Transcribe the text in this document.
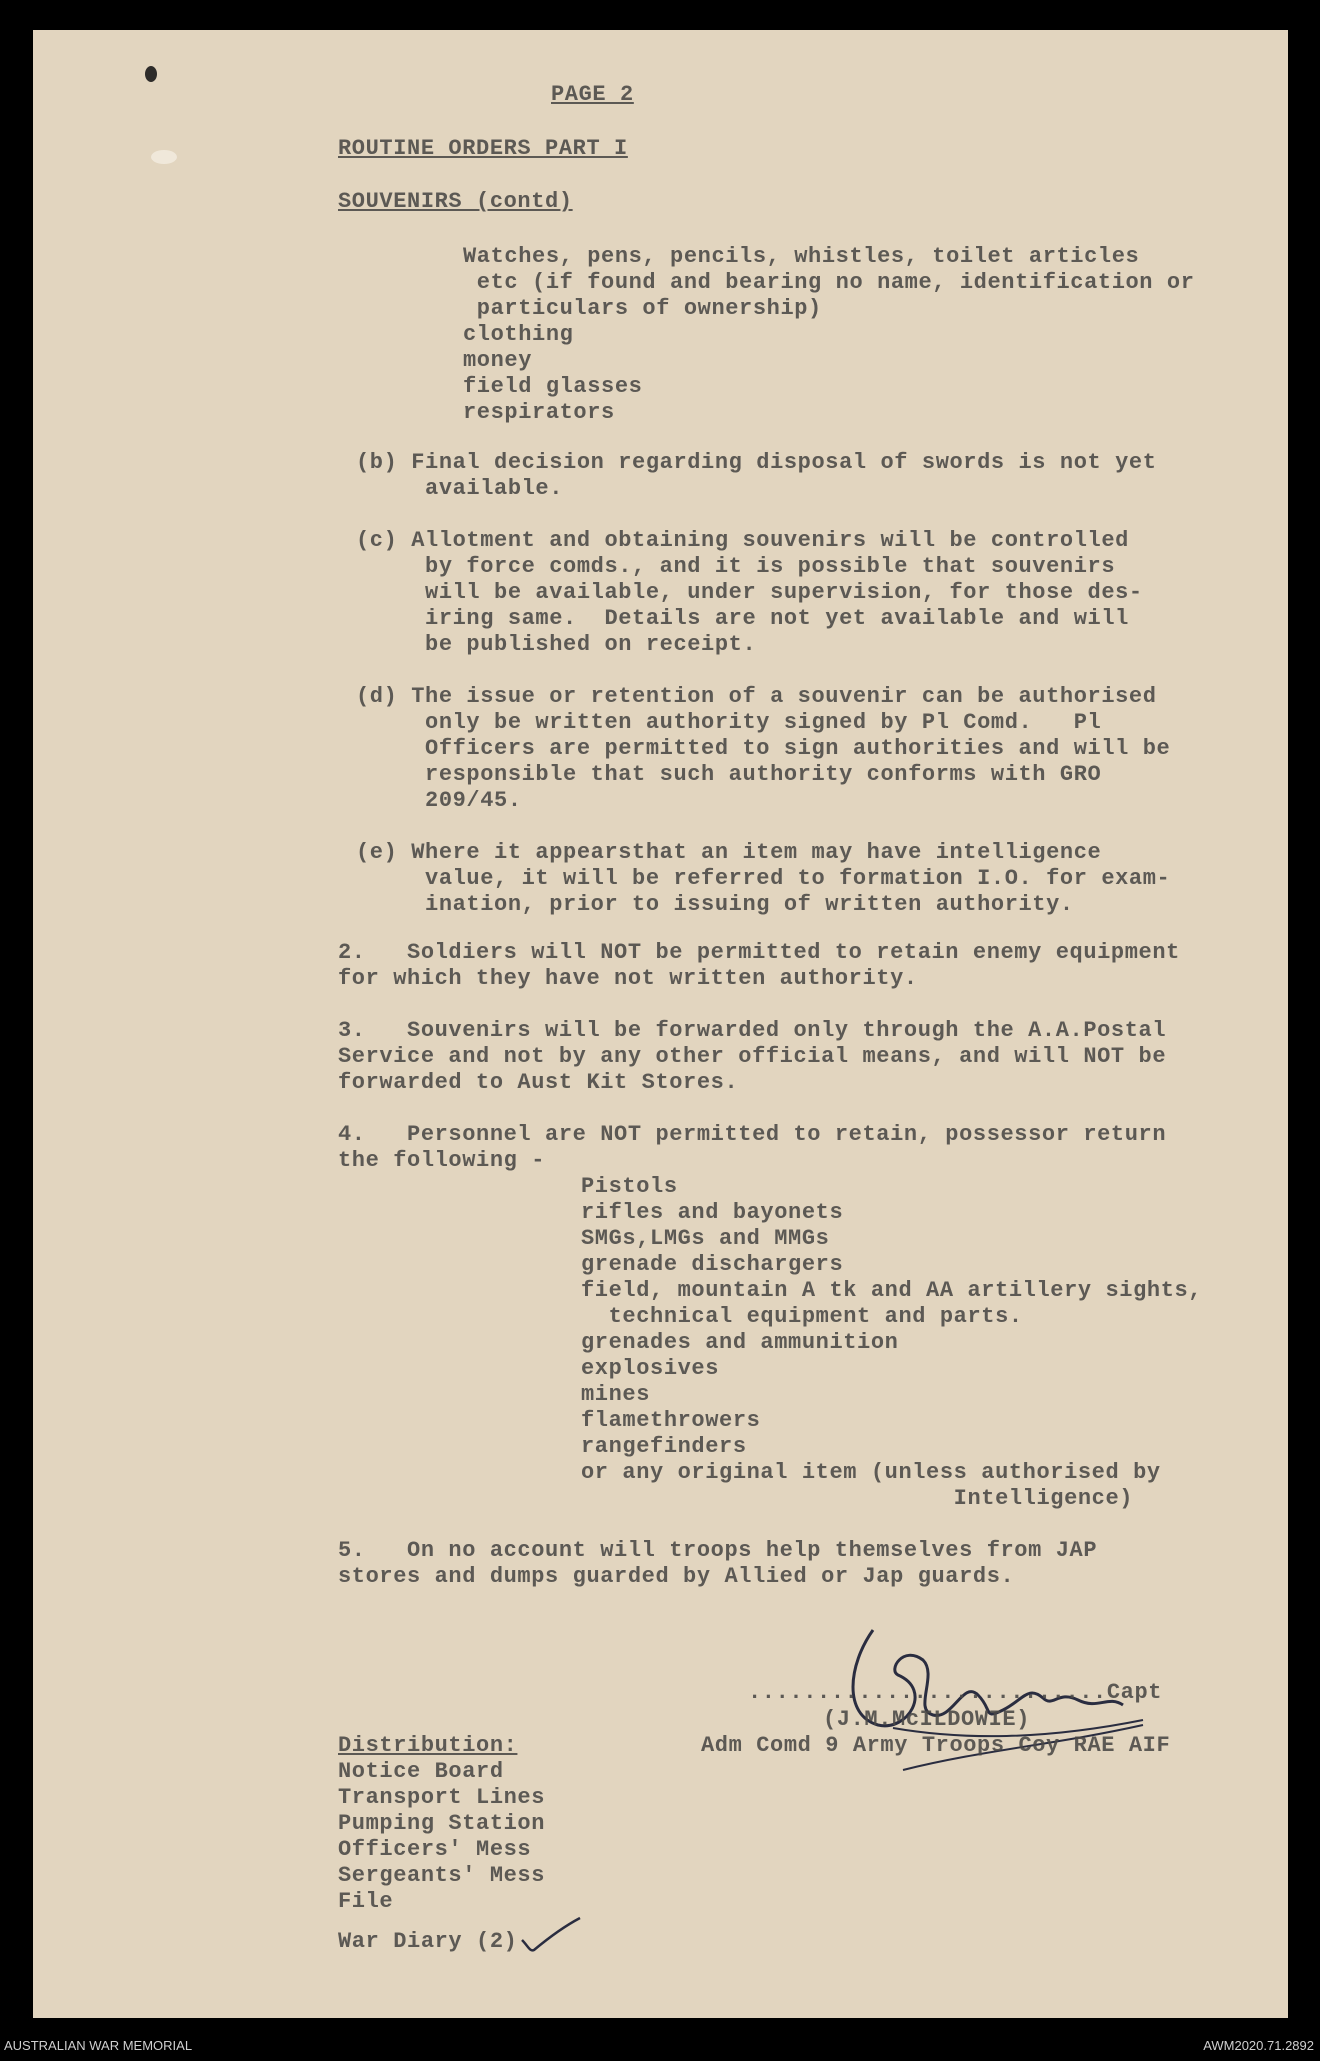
PAGE 2
ROUTINE ORDERS PART I
SOUVENIRS (contd)
Watches, pens, pencils, whistles, toilet articles
etc (if found and bearing no name, identification or
particulars of ownership)
clothing
money
field glasses
respirators
(b) Final decision regarding disposal of swords is not yet
available.
(c) Allotment and obtaining souvenirs will be controlled
by force comds., and it is possible that souvenirs
will be available, under supervision, for those des-
iring same.  Details are not yet available and will
be published on receipt.
(d) The issue or retention of a souvenir can be authorised
only be written authority signed by Pl Comd.   Pl
Officers are permitted to sign authorities and will be
responsible that such authority conforms with GRO
209/45.
(e) Where it appearsthat an item may have intelligence
value, it will be referred to formation I.O. for exam-
ination, prior to issuing of written authority.
2.   Soldiers will NOT be permitted to retain enemy equipment
for which they have not written authority.
3.   Souvenirs will be forwarded only through the A.A.Postal
Service and not by any other official means, and will NOT be
forwarded to Aust Kit Stores.
4.   Personnel are NOT permitted to retain, possessor return
the following -
Pistols
rifles and bayonets
SMGs,LMGs and MMGs
grenade dischargers
field, mountain A tk and AA artillery sights,
technical equipment and parts.
grenades and ammunition
explosives
mines
flamethrowers
rangefinders
or any original item (unless authorised by
Intelligence)
5.   On no account will troops help themselves from JAP
stores and dumps guarded by Allied or Jap guards.
..........................Capt
(J.M.McILDOWIE)
Adm Comd 9 Army Troops Coy RAE AIF
Distribution:
Notice Board
Transport Lines
Pumping Station
Officers' Mess
Sergeants' Mess
File
War Diary (2)
AUSTRALIAN WAR MEMORIAL	AWM2020.71.2892
